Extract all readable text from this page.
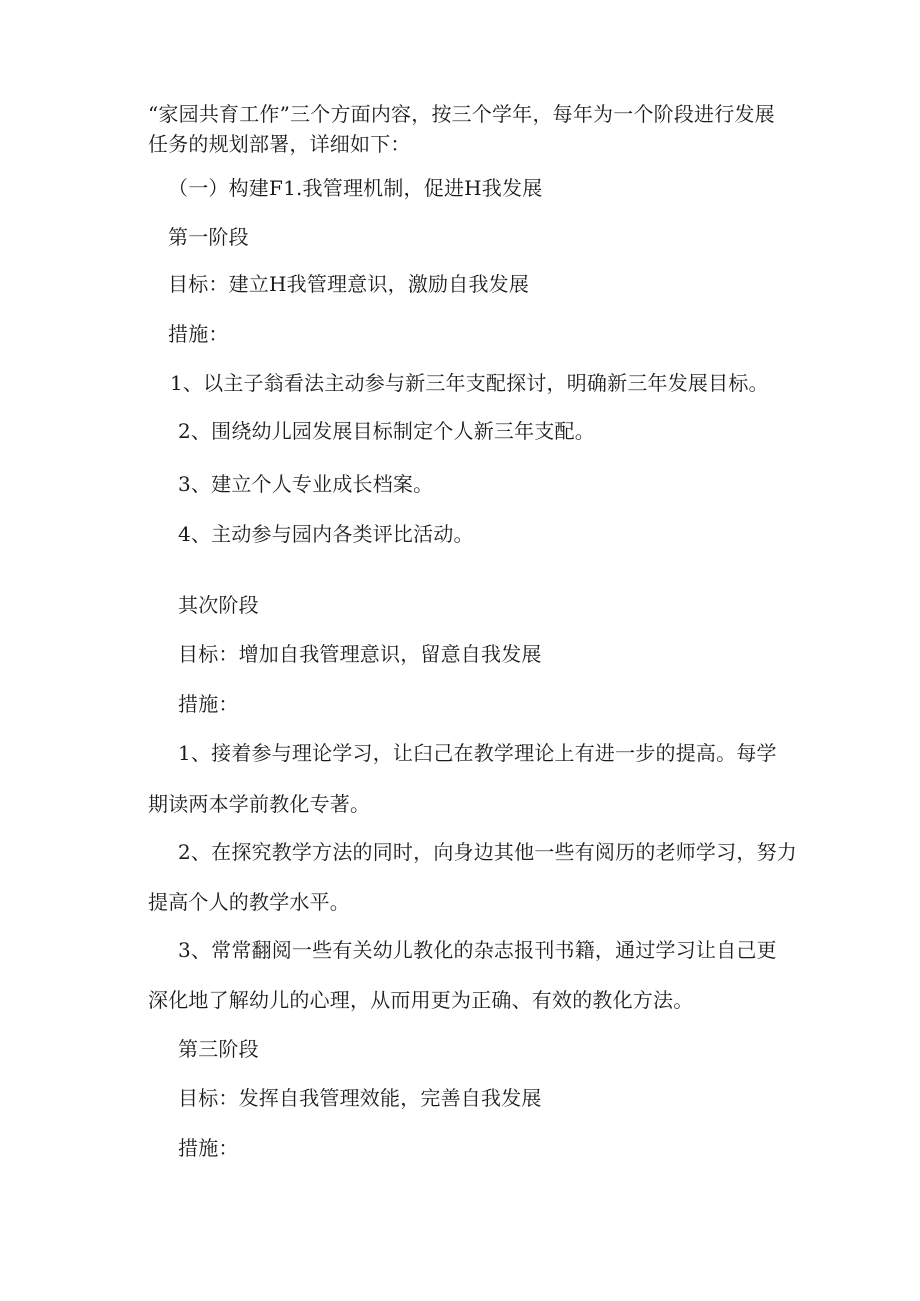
“家园共育工作”三个方面内容，按三个学年，每年为一个阶段进行发展
任务的规划部署，详细如下：
（一）构建F1.我管理机制，促进H我发展
第一阶段
目标：建立H我管理意识，激励自我发展
措施：
1、以主子翁看法主动参与新三年支配探讨，明确新三年发展目标。
2、围绕幼儿园发展目标制定个人新三年支配。
3、建立个人专业成长档案。
4、主动参与园内各类评比活动。
其次阶段
目标：增加自我管理意识，留意自我发展
措施：
1、接着参与理论学习，让臼己在教学理论上有进一步的提高。每学
期读两本学前教化专著。
2、在探究教学方法的同时，向身边其他一些有阅历的老师学习，努力
提高个人的教学水平。
3、常常翻阅一些有关幼儿教化的杂志报刊书籍，通过学习让自己更
深化地了解幼儿的心理，从而用更为正确、有效的教化方法。
第三阶段
目标：发挥自我管理效能，完善自我发展
措施：
